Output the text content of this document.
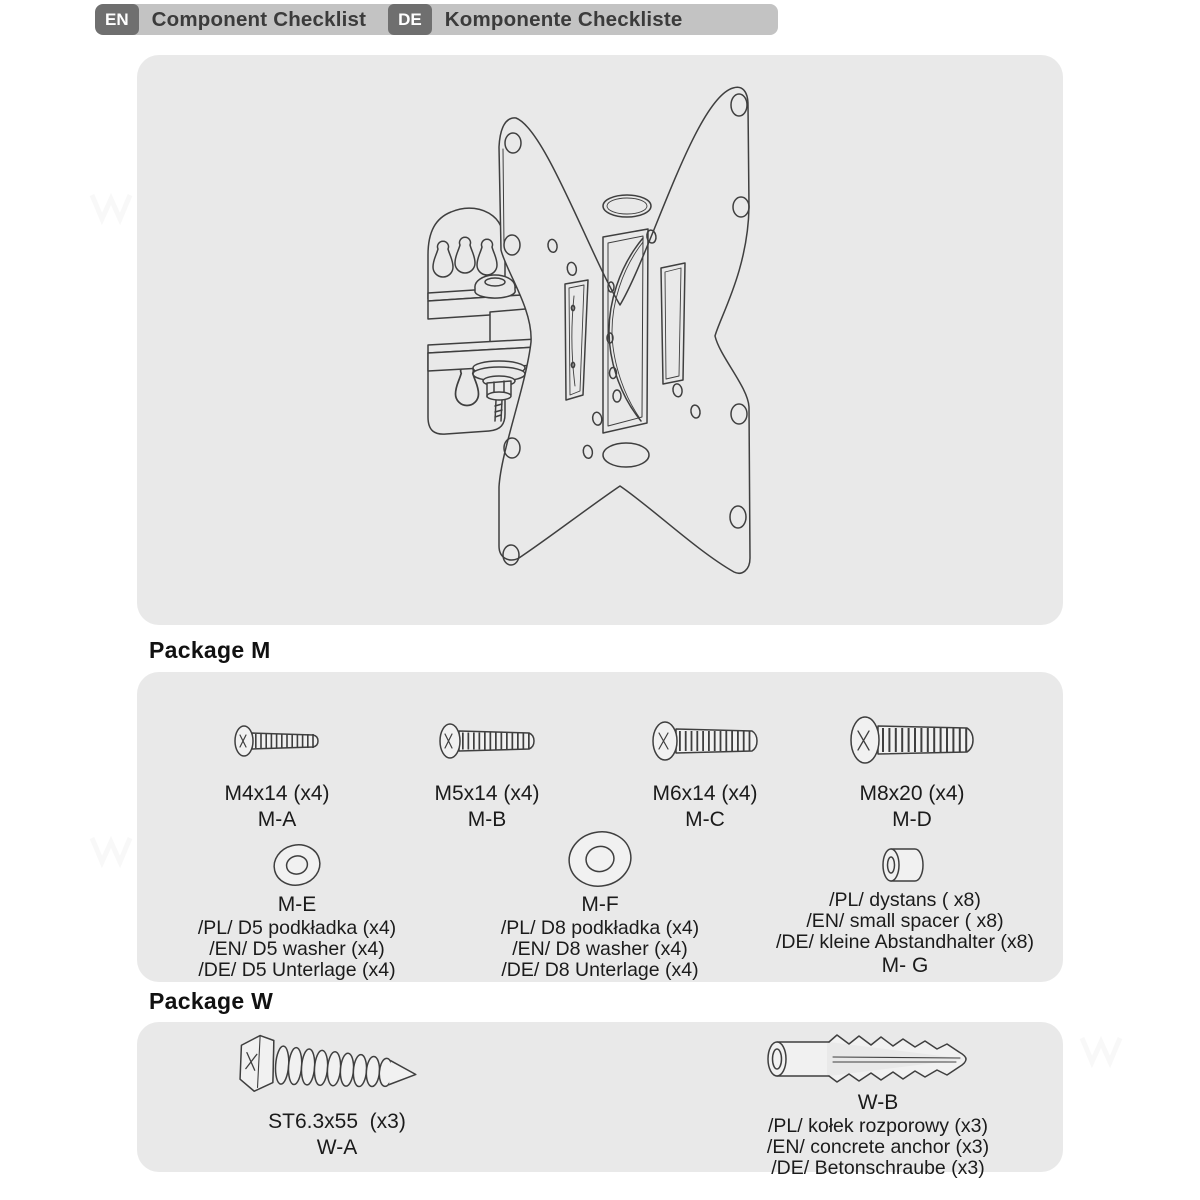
EN	Component Checklist	DE	Komponente Checkliste
Package M
M4x14 (x4)
M-A
M5x14 (x4)
M-B
M6x14 (x4)
M-C
M8x20 (x4)
M-D
M-E
/PL/ D5 podkładka (x4)
/EN/ D5 washer (x4)
/DE/ D5 Unterlage (x4)
M-F
/PL/ D8 podkładka (x4)
/EN/ D8 washer (x4)
/DE/ D8 Unterlage (x4)
/PL/ dystans ( x8)
/EN/ small spacer ( x8)
/DE/ kleine Abstandhalter (x8)
M- G
Package W
ST6.3x55  (x3)
W-A
W-B
/PL/ kołek rozporowy (x3)
/EN/ concrete anchor (x3)
/DE/ Betonschraube (x3)
